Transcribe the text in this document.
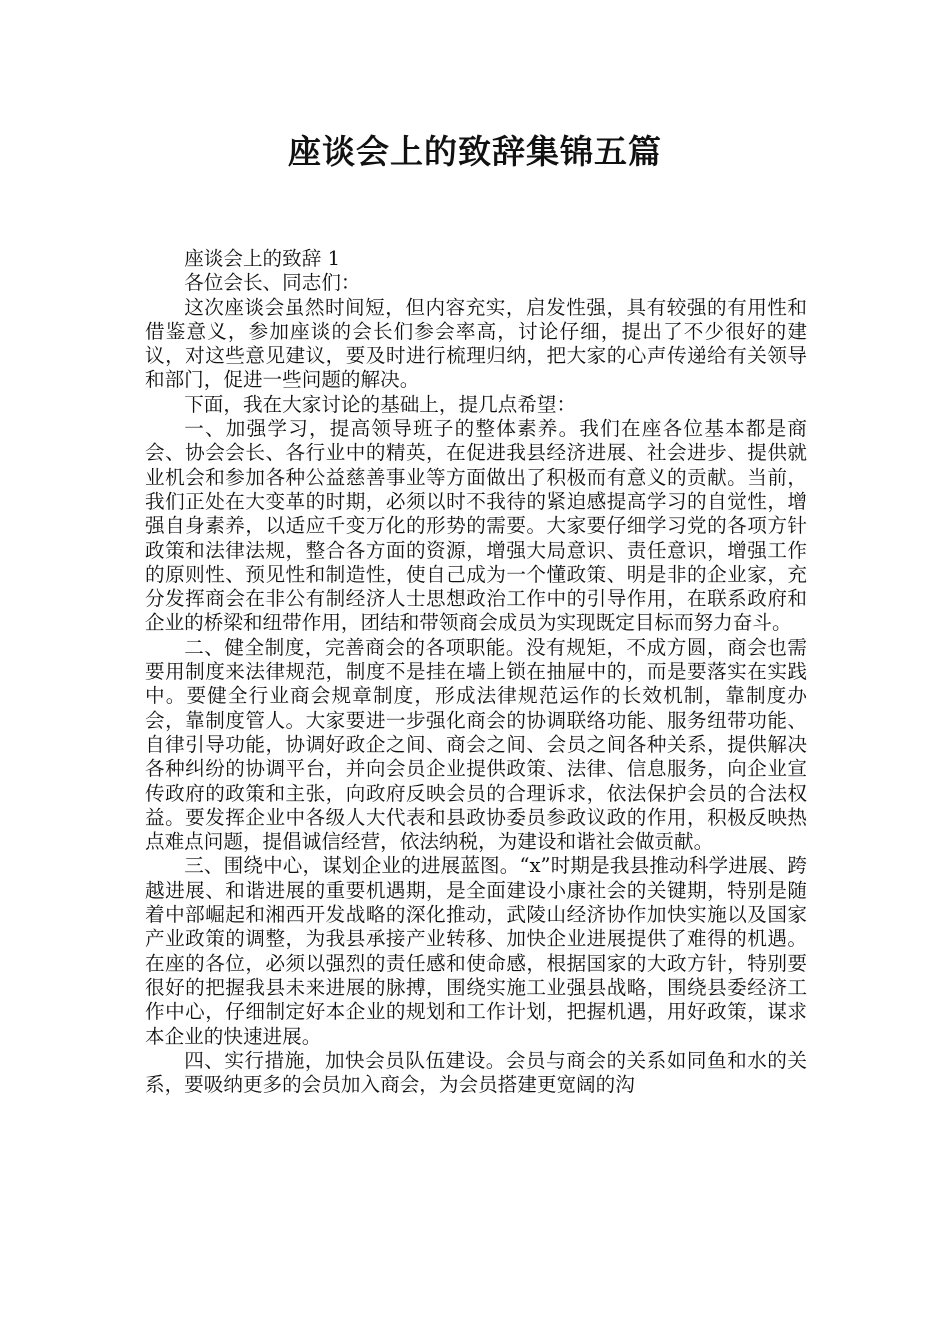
座谈会上的致辞集锦五篇

座谈会上的致辞 1

各位会长、同志们：

这次座谈会虽然时间短，但内容充实，启发性强，具有较强的有用性和借鉴意义，参加座谈的会长们参会率高，讨论仔细，提出了不少很好的建议，对这些意见建议，要及时进行梳理归纳，把大家的心声传递给有关领导和部门，促进一些问题的解决。

下面，我在大家讨论的基础上，提几点希望：

一、加强学习，提高领导班子的整体素养。我们在座各位基本都是商会、协会会长、各行业中的精英，在促进我县经济进展、社会进步、提供就业机会和参加各种公益慈善事业等方面做出了积极而有意义的贡献。当前，我们正处在大变革的时期，必须以时不我待的紧迫感提高学习的自觉性，增强自身素养，以适应千变万化的形势的需要。大家要仔细学习党的各项方针政策和法律法规，整合各方面的资源，增强大局意识、责任意识，增强工作的原则性、预见性和制造性，使自己成为一个懂政策、明是非的企业家，充分发挥商会在非公有制经济人士思想政治工作中的引导作用，在联系政府和企业的桥梁和纽带作用，团结和带领商会成员为实现既定目标而努力奋斗。

二、健全制度，完善商会的各项职能。没有规矩，不成方圆，商会也需要用制度来法律规范，制度不是挂在墙上锁在抽屉中的，而是要落实在实践中。要健全行业商会规章制度，形成法律规范运作的长效机制，靠制度办会，靠制度管人。大家要进一步强化商会的协调联络功能、服务纽带功能、自律引导功能，协调好政企之间、商会之间、会员之间各种关系，提供解决各种纠纷的协调平台，并向会员企业提供政策、法律、信息服务，向企业宣传政府的政策和主张，向政府反映会员的合理诉求，依法保护会员的合法权益。要发挥企业中各级人大代表和县政协委员参政议政的作用，积极反映热点难点问题，提倡诚信经营，依法纳税，为建设和谐社会做贡献。

三、围绕中心，谋划企业的进展蓝图。“x”时期是我县推动科学进展、跨越进展、和谐进展的重要机遇期，是全面建设小康社会的关键期，特别是随着中部崛起和湘西开发战略的深化推动，武陵山经济协作加快实施以及国家产业政策的调整，为我县承接产业转移、加快企业进展提供了难得的机遇。在座的各位，必须以强烈的责任感和使命感，根据国家的大政方针，特别要很好的把握我县未来进展的脉搏，围绕实施工业强县战略，围绕县委经济工作中心，仔细制定好本企业的规划和工作计划，把握机遇，用好政策，谋求本企业的快速进展。

四、实行措施，加快会员队伍建设。会员与商会的关系如同鱼和水的关系，要吸纳更多的会员加入商会，为会员搭建更宽阔的沟
